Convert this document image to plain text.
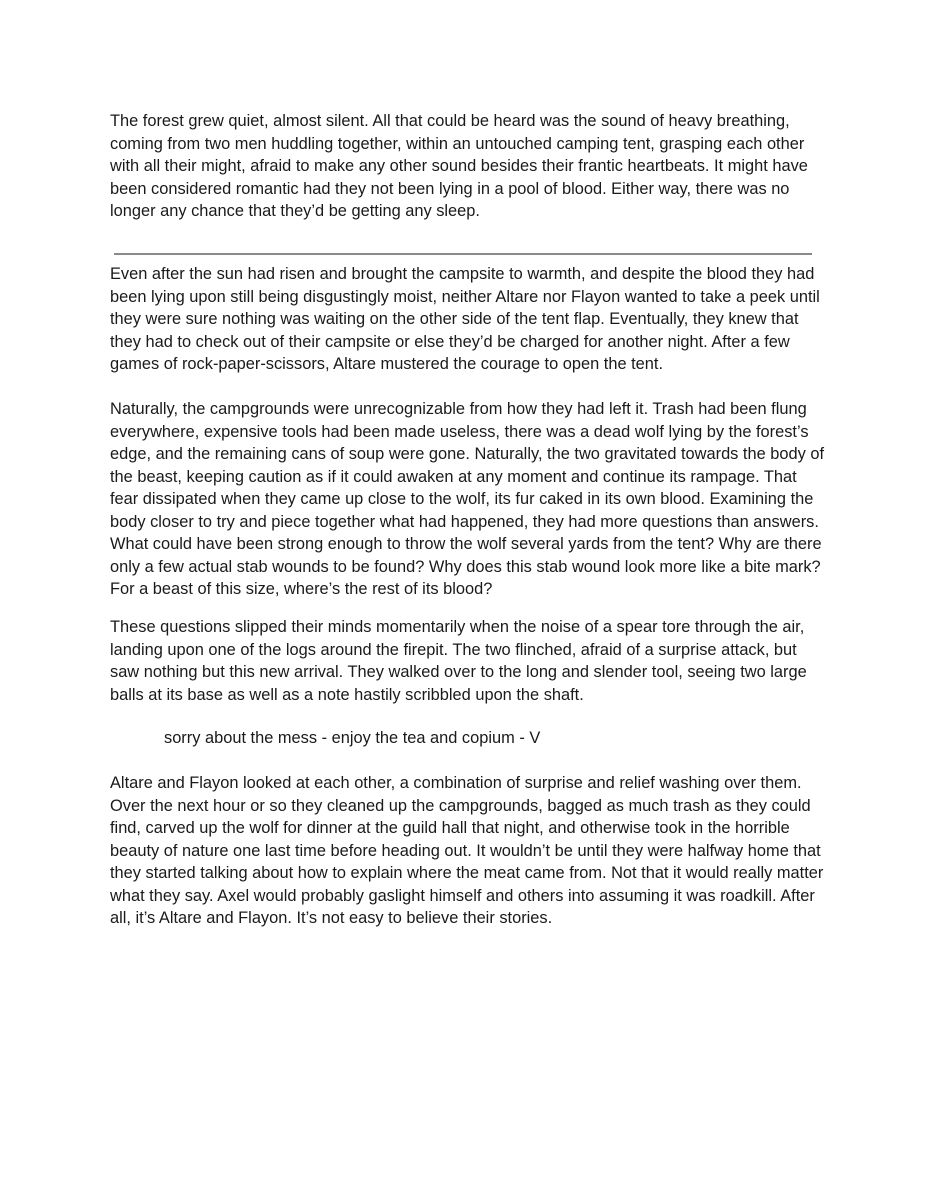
The forest grew quiet, almost silent. All that could be heard was the sound of heavy breathing, coming from two men huddling together, within an untouched camping tent, grasping each other with all their might, afraid to make any other sound besides their frantic heartbeats. It might have been considered romantic had they not been lying in a pool of blood. Either way, there was no longer any chance that they’d be getting any sleep.

Even after the sun had risen and brought the campsite to warmth, and despite the blood they had been lying upon still being disgustingly moist, neither Altare nor Flayon wanted to take a peek until they were sure nothing was waiting on the other side of the tent flap. Eventually, they knew that they had to check out of their campsite or else they’d be charged for another night. After a few games of rock-paper-scissors, Altare mustered the courage to open the tent.

Naturally, the campgrounds were unrecognizable from how they had left it. Trash had been flung everywhere, expensive tools had been made useless, there was a dead wolf lying by the forest’s edge, and the remaining cans of soup were gone. Naturally, the two gravitated towards the body of the beast, keeping caution as if it could awaken at any moment and continue its rampage. That fear dissipated when they came up close to the wolf, its fur caked in its own blood. Examining the body closer to try and piece together what had happened, they had more questions than answers. What could have been strong enough to throw the wolf several yards from the tent? Why are there only a few actual stab wounds to be found? Why does this stab wound look more like a bite mark? For a beast of this size, where’s the rest of its blood?

These questions slipped their minds momentarily when the noise of a spear tore through the air, landing upon one of the logs around the firepit. The two flinched, afraid of a surprise attack, but saw nothing but this new arrival. They walked over to the long and slender tool, seeing two large balls at its base as well as a note hastily scribbled upon the shaft.

sorry about the mess - enjoy the tea and copium - V

Altare and Flayon looked at each other, a combination of surprise and relief washing over them. Over the next hour or so they cleaned up the campgrounds, bagged as much trash as they could find, carved up the wolf for dinner at the guild hall that night, and otherwise took in the horrible beauty of nature one last time before heading out. It wouldn’t be until they were halfway home that they started talking about how to explain where the meat came from. Not that it would really matter what they say. Axel would probably gaslight himself and others into assuming it was roadkill. After all, it’s Altare and Flayon. It’s not easy to believe their stories.
